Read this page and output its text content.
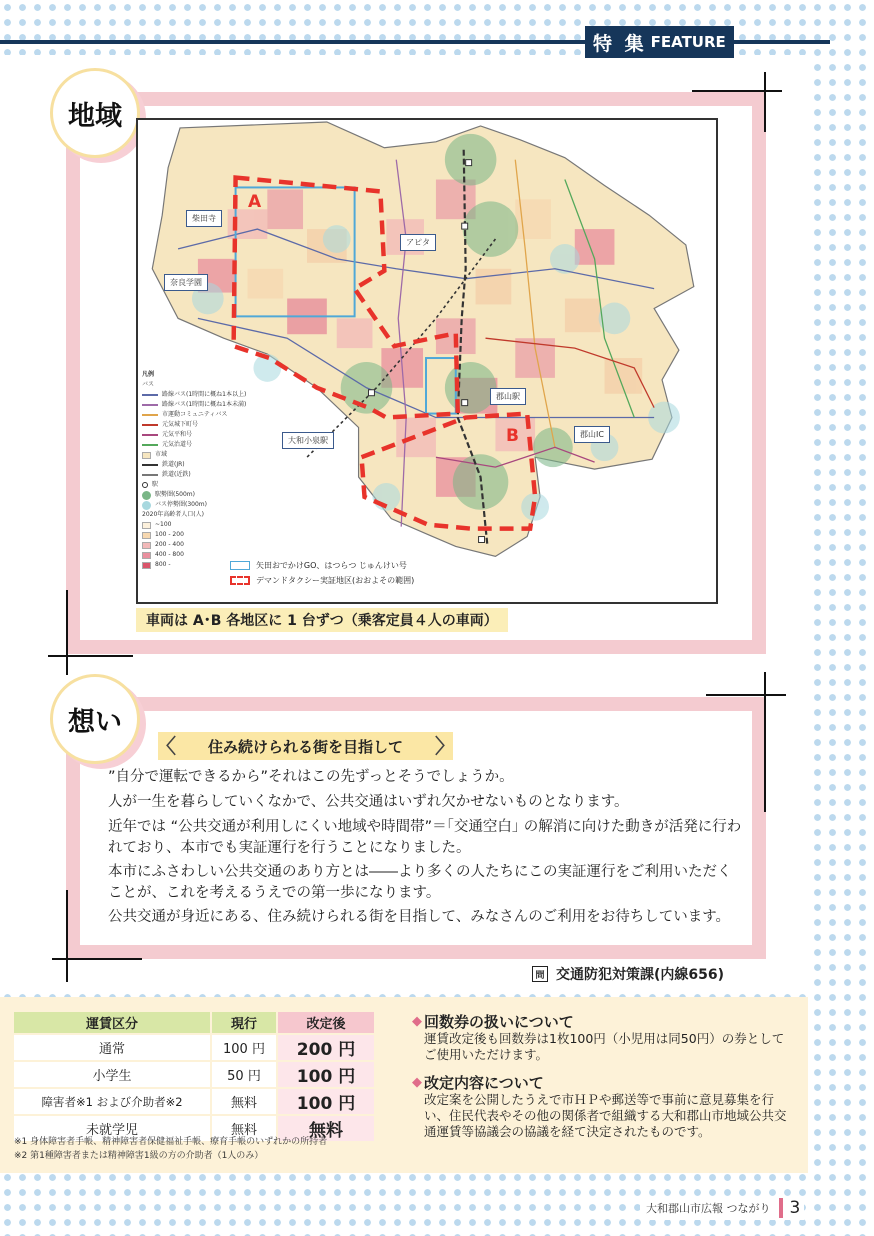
特 集 FEATURE
地域
A
B
柴田寺
奈良学園
アピタ
大和小泉駅
郡山駅
郡山IC
凡例
バス
路線バス(1時間に概ね1本以上)
路線バス(1時間に概ね1本未満)
市運動コミュニティバス
元気城下町号
元気平和号
元気治道号
市域
鉄道(JR)
鉄道(近鉄)
駅
駅勢圏(500m)
バス停勢圏(300m)
2020年高齢者人口(人)
~100
100 - 200
200 - 400
400 - 800
800 -	矢田おでかけGO、はつらつ じゅんけい号
デマンドタクシー実証地区(おおよその範囲)
車両は A･B 各地区に 1 台ずつ（乗客定員４人の車両）
想い
〈 住み続けられる街を目指して 〉

”自分で運転できるから”それはこの先ずっとそうでしょうか。

人が一生を暮らしていくなかで、公共交通はいずれ欠かせないものとなります。

近年では “公共交通が利用しにくい地域や時間帯”＝｢交通空白｣ の解消に向けた動きが活発に行われており、本市でも実証運行を行うことになりました。

本市にふさわしい公共交通のあり方とは――より多くの人たちにこの実証運行をご利用いただくことが、これを考えるうえでの第一歩になります。

公共交通が身近にある、住み続けられる街を目指して、みなさんのご利用をお待ちしています。

問 交通防犯対策課(内線656)
運賃区分	現行	改定後
通常	100 円	200 円
小学生	50 円	100 円
障害者※1 および介助者※2	無料	100 円
未就学児	無料	無料
※1 身体障害者手帳、精神障害者保健福祉手帳、療育手帳のいずれかの所持者
※2 第1種障害者または精神障害1級の方の介助者（1人のみ）
◆ 回数券の扱いについて

運賃改定後も回数券は1枚100円（小児用は同50円）の券としてご使用いただけます。

◆ 改定内容について

改定案を公開したうえで市ＨＰや郵送等で事前に意見募集を行い、住民代表やその他の関係者で組織する大和郡山市地域公共交通運賃等協議会の協議を経て決定されたものです。

大和郡山市広報 つながり	3
